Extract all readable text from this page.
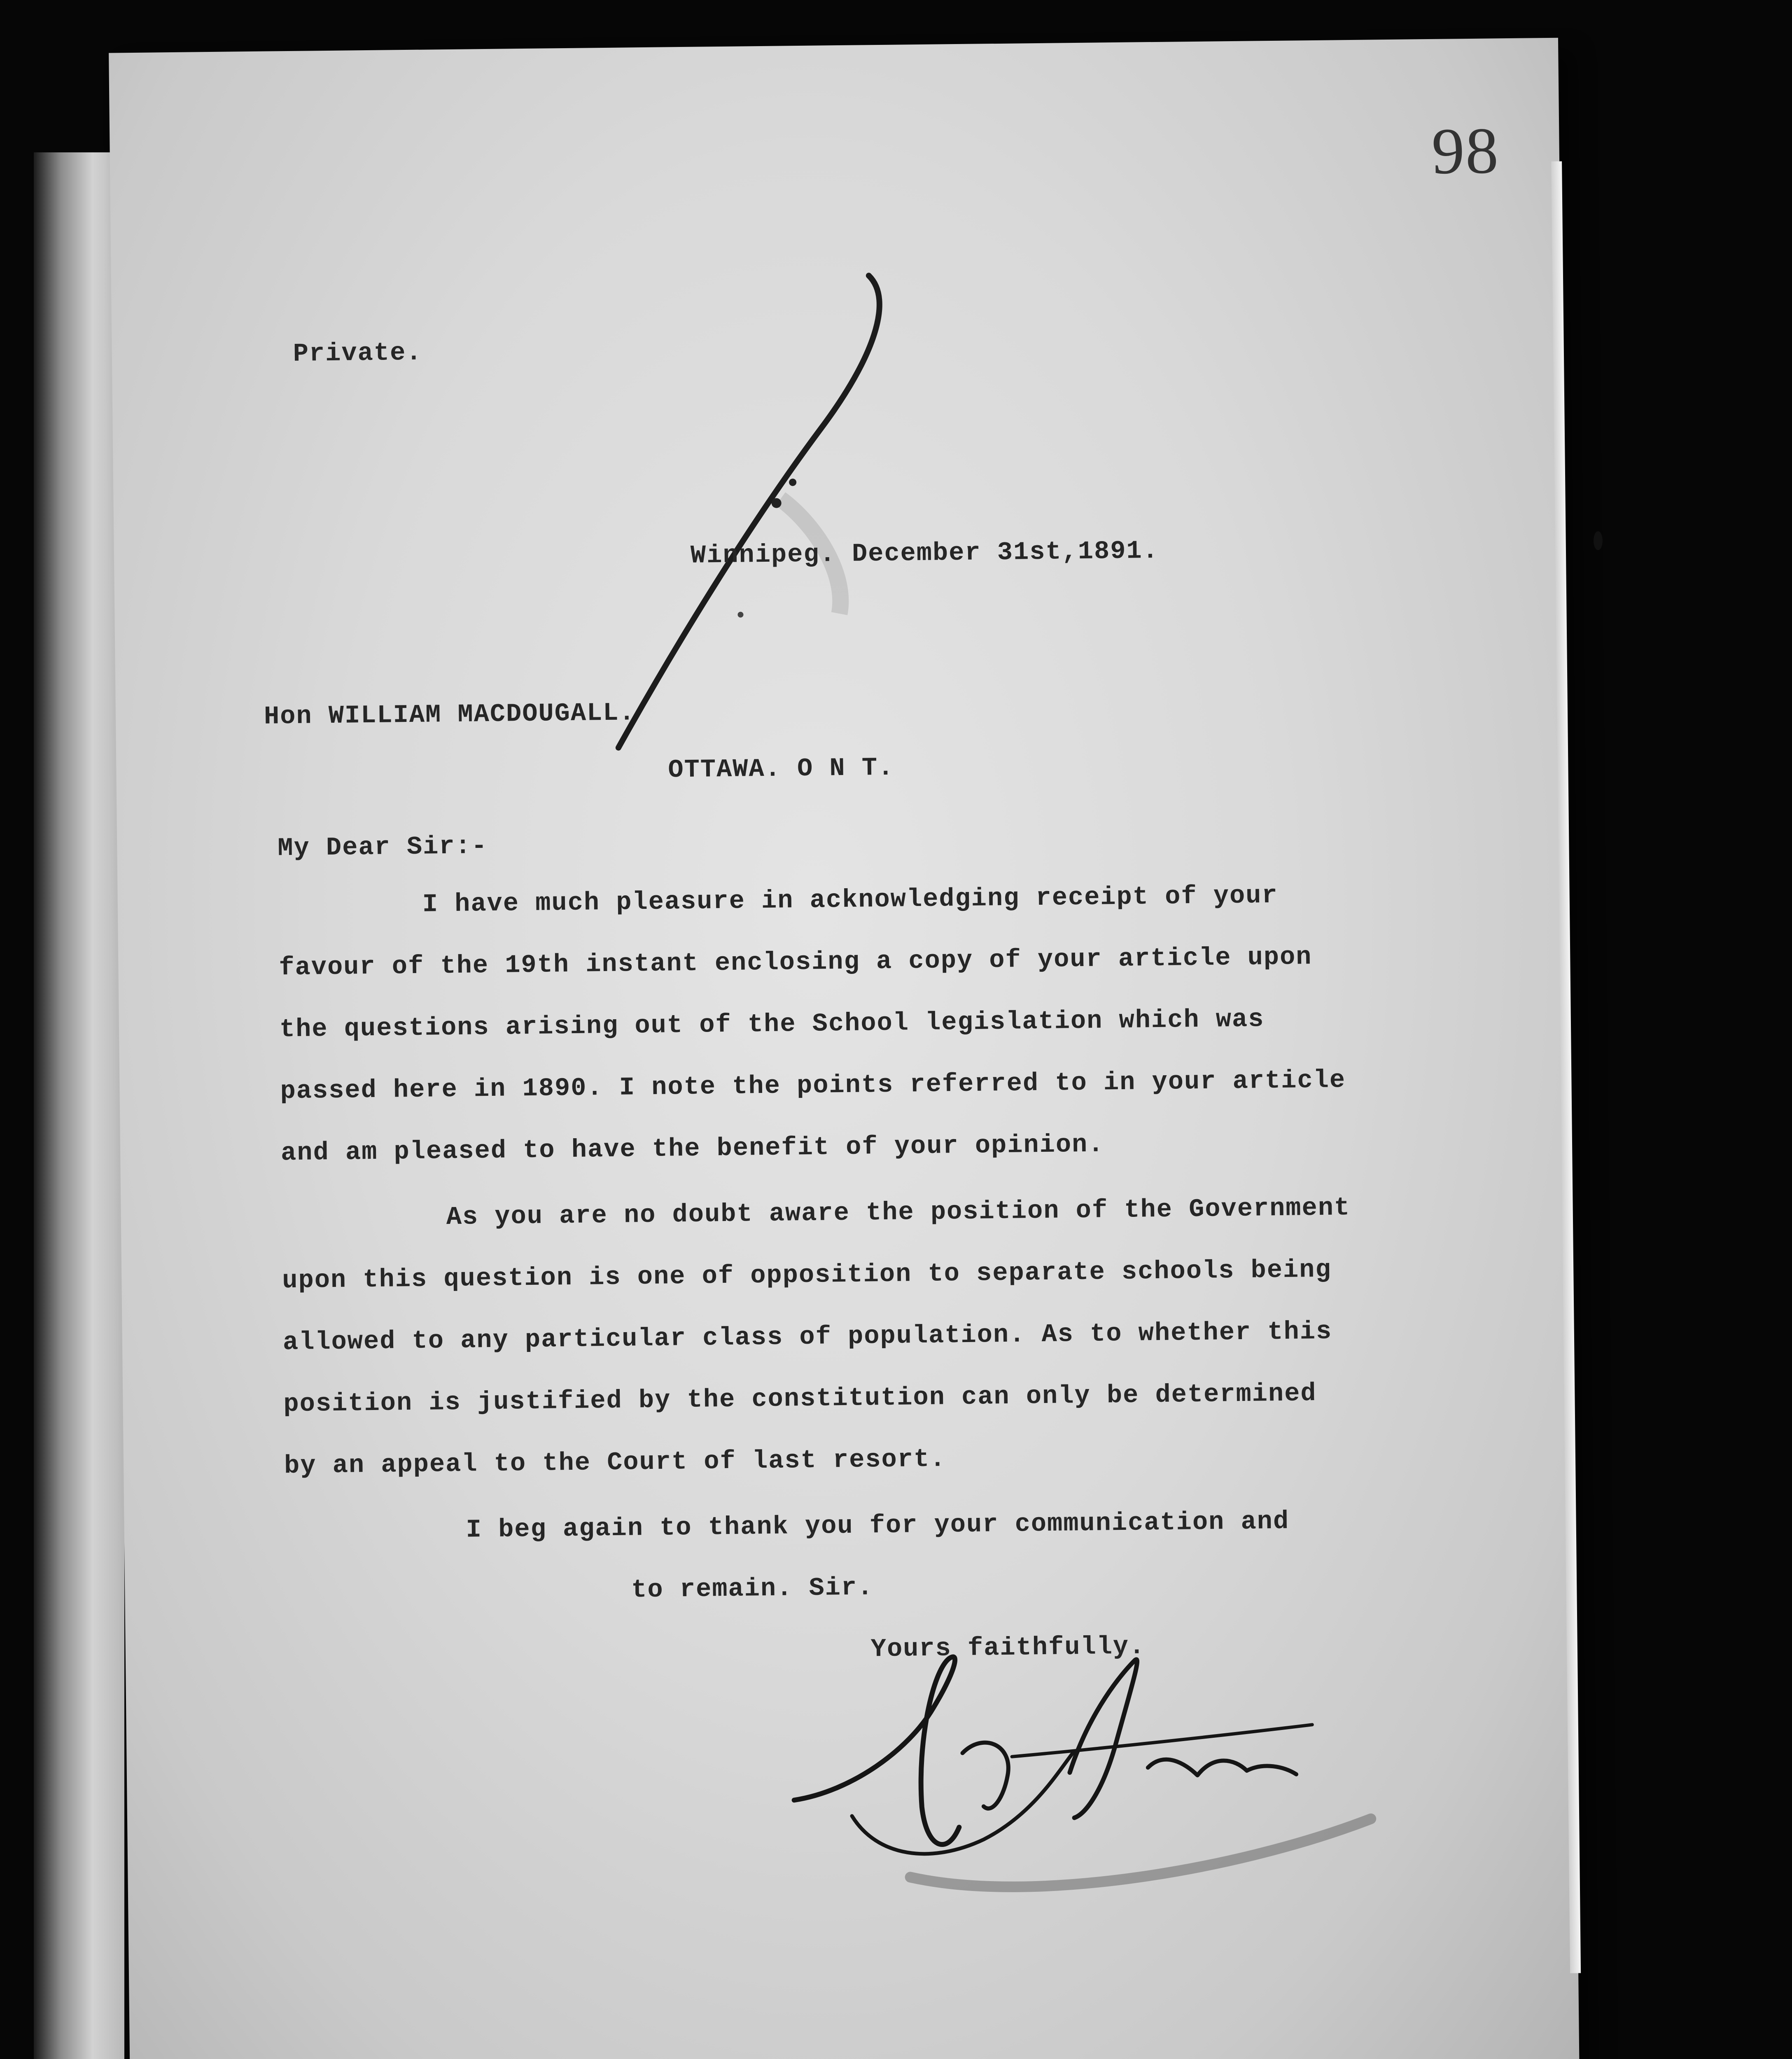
98
Private.
Winnipeg. December 31st,1891.
Hon WILLIAM MACDOUGALL.
OTTAWA. O N T.
My Dear Sir:-
I have much pleasure in acknowledging receipt of your
favour of the 19th instant enclosing a copy of your article upon
the questions arising out of the School legislation which was
passed here in 1890. I note the points referred to in your article
and am pleased to have the benefit of your opinion.
As you are no doubt aware the position of the Government
upon this question is one of opposition to separate schools being
allowed to any particular class of population. As to whether this
position is justified by the constitution can only be determined
by an appeal to the Court of last resort.
I beg again to thank you for your communication and
to remain. Sir.
Yours faithfully.
